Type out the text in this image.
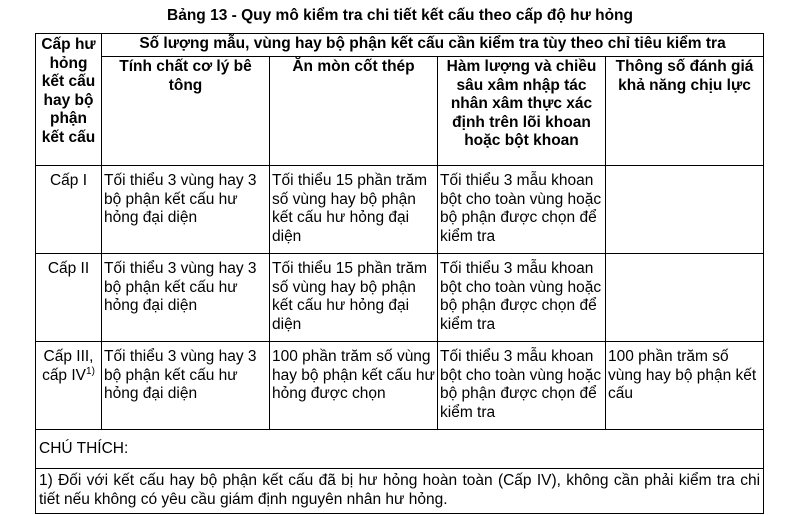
Bảng 13 - Quy mô kiểm tra chi tiết kết cấu theo cấp độ hư hỏng
Cấp hư hỏng kết cấu hay bộ phận kết cấu	Số lượng mẫu, vùng hay bộ phận kết cấu cần kiểm tra tùy theo chỉ tiêu kiểm tra			
	Tính chất cơ lý bê tông	Ăn mòn cốt thép	Hàm lượng và chiều sâu xâm nhập tác nhân xâm thực xác định trên lõi khoan hoặc bột khoan	Thông số đánh giá khả năng chịu lực
Cấp I	Tối thiểu 3 vùng hay 3 bộ phận kết cấu hư hỏng đại diện	Tối thiểu 15 phần trăm số vùng hay bộ phận kết cấu hư hỏng đại diện	Tối thiểu 3 mẫu khoan bột cho toàn vùng hoặc bộ phận được chọn để kiểm tra	
Cấp II	Tối thiểu 3 vùng hay 3 bộ phận kết cấu hư hỏng đại diện	Tối thiểu 15 phần trăm số vùng hay bộ phận kết cấu hư hỏng đại diện	Tối thiểu 3 mẫu khoan bột cho toàn vùng hoặc bộ phận được chọn để kiểm tra	
Cấp III, cấp IV$^{1)}$	Tối thiểu 3 vùng hay 3 bộ phận kết cấu hư hỏng đại diện	100 phần trăm số vùng hay bộ phận kết cấu hư hỏng được chọn	Tối thiểu 3 mẫu khoan bột cho toàn vùng hoặc bộ phận được chọn để kiểm tra	100 phần trăm số vùng hay bộ phận kết cấu
CHÚ THÍCH:				
1) Đối với kết cấu hay bộ phận kết cấu đã bị hư hỏng hoàn toàn (Cấp IV), không cần phải kiểm tra chi tiết nếu không có yêu cầu giám định nguyên nhân hư hỏng.				
